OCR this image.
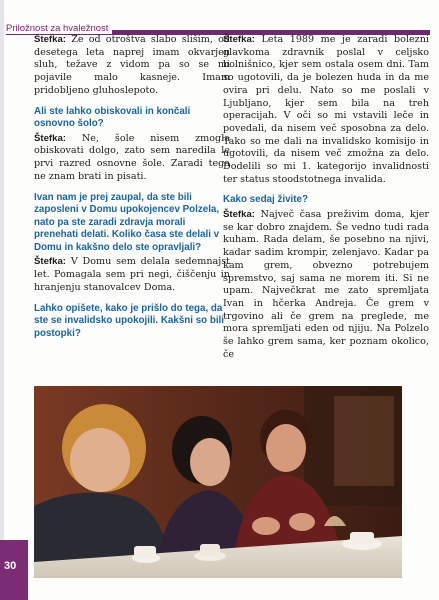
Priložnost za hvaležnost

Štefka: Že od otroštva slabo slišim, od desetega leta naprej imam okvarjen sluh, težave z vidom pa so se mi pojavile malo kasneje. Imam pridobljeno gluhoslepoto.

Ali ste lahko obiskovali in končali osnovno šolo?

Štefka: Ne, šole nisem zmogla obiskovati dolgo, zato sem naredila le prvi razred osnovne šole. Zaradi tega ne znam brati in pisati.

Ivan nam je prej zaupal, da ste bili zaposleni v Domu upokojencev Polzela, nato pa ste zaradi zdravja morali prenehati delati. Koliko časa ste delali v Domu in kakšno delo ste opravljali?

Štefka: V Domu sem delala sedemnajst let. Pomagala sem pri negi, čiščenju in hranjenju stanovalcev Doma.

Lahko opišete, kako je prišlo do tega, da ste se invalidsko upokojili. Kakšni so bili postopki?

Štefka: Leta 1989 me je zaradi bolezni glavkoma zdravnik poslal v celjsko bolnišnico, kjer sem ostala osem dni. Tam so ugotovili, da je bolezen huda in da me ovira pri delu. Nato so me poslali v Ljubljano, kjer sem bila na treh operacijah. V oči so mi vstavili leče in povedali, da nisem več sposobna za delo. Tako so me dali na invalidsko komisijo in ugotovili, da nisem več zmožna za delo. Dodelili so mi 1. kategorijo invalidnosti ter status stoodstotnega invalida.

Kako sedaj živite?

Štefka: Največ časa preživim doma, kjer se kar dobro znajdem. Še vedno tudi rada kuham. Rada delam, še posebno na njivi, kadar sadim krompir, zelenjavo. Kadar pa kam grem, obvezno potrebujem spremstvo, saj sama ne morem iti. Si ne upam. Največkrat me zato spremljata Ivan in hčerka Andreja. Če grem v trgovino ali če grem na preglede, me mora spremljati eden od njiju. Na Polzelo še lahko grem sama, ker poznam okolico, če

30
